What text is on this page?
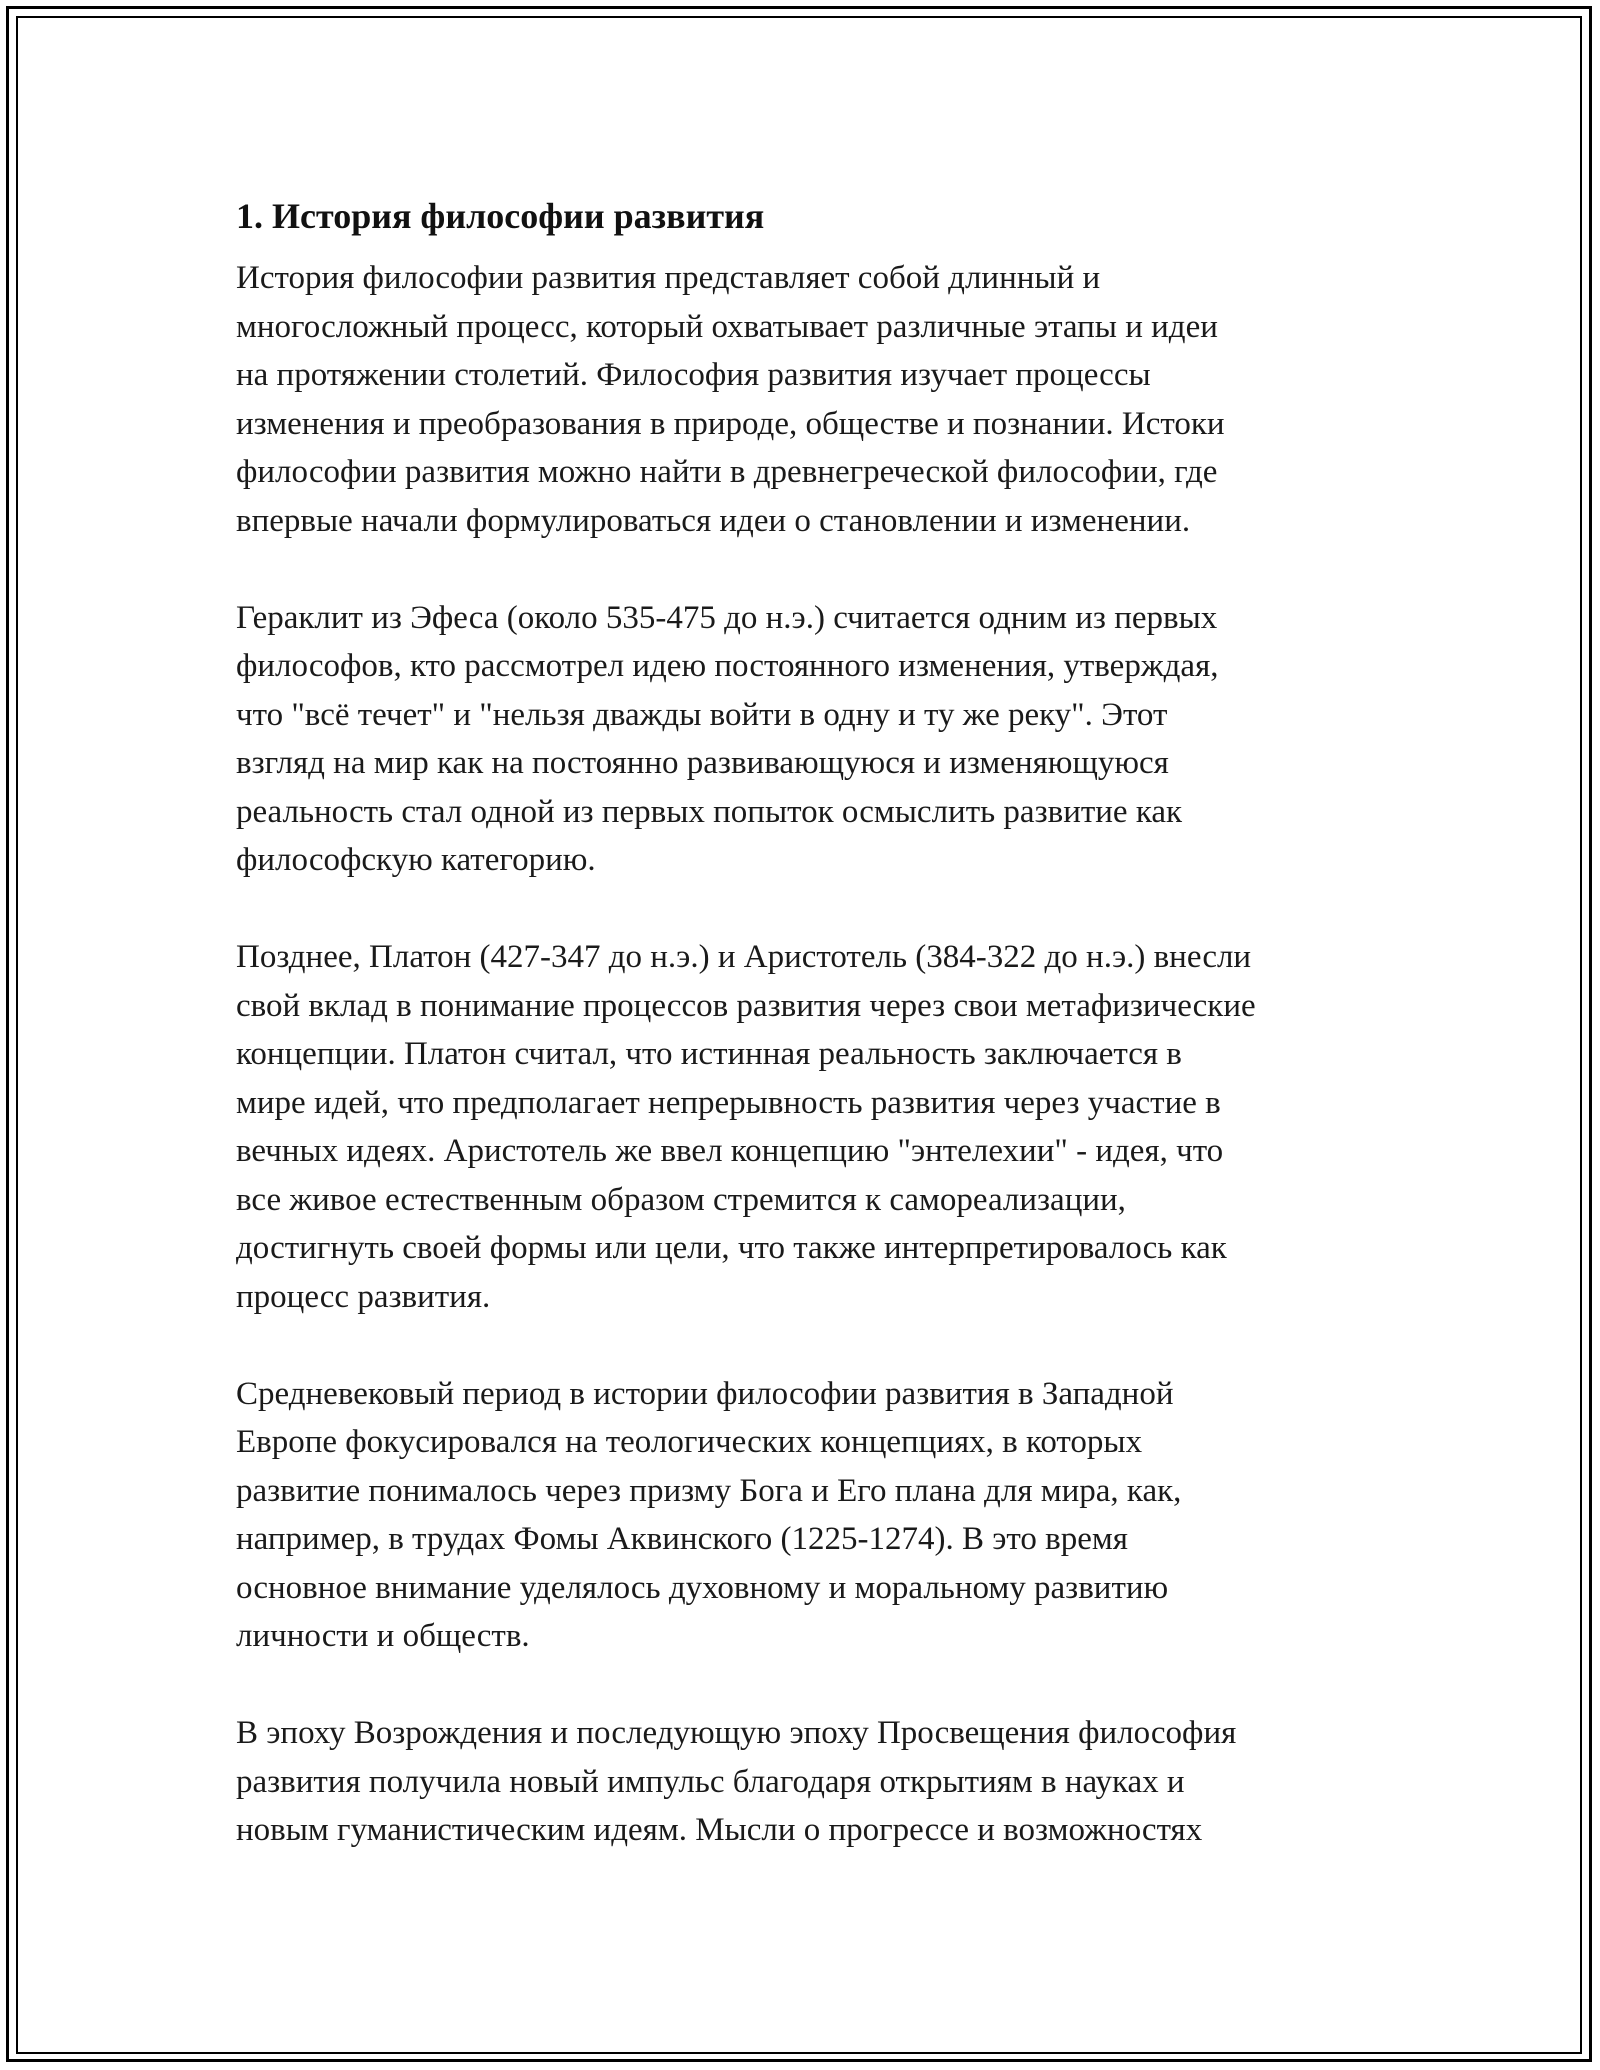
1. История философии развития

История философии развития представляет собой длинный и
многосложный процесс, который охватывает различные этапы и идеи
на протяжении столетий. Философия развития изучает процессы
изменения и преобразования в природе, обществе и познании. Истоки
философии развития можно найти в древнегреческой философии, где
впервые начали формулироваться идеи о становлении и изменении.

Гераклит из Эфеса (около 535-475 до н.э.) считается одним из первых
философов, кто рассмотрел идею постоянного изменения, утверждая,
что "всё течет" и "нельзя дважды войти в одну и ту же реку". Этот
взгляд на мир как на постоянно развивающуюся и изменяющуюся
реальность стал одной из первых попыток осмыслить развитие как
философскую категорию.

Позднее, Платон (427-347 до н.э.) и Аристотель (384-322 до н.э.) внесли
свой вклад в понимание процессов развития через свои метафизические
концепции. Платон считал, что истинная реальность заключается в
мире идей, что предполагает непрерывность развития через участие в
вечных идеях. Аристотель же ввел концепцию "энтелехии" - идея, что
все живое естественным образом стремится к самореализации,
достигнуть своей формы или цели, что также интерпретировалось как
процесс развития.

Средневековый период в истории философии развития в Западной
Европе фокусировался на теологических концепциях, в которых
развитие понималось через призму Бога и Его плана для мира, как,
например, в трудах Фомы Аквинского (1225-1274). В это время
основное внимание уделялось духовному и моральному развитию
личности и обществ.

В эпоху Возрождения и последующую эпоху Просвещения философия
развития получила новый импульс благодаря открытиям в науках и
новым гуманистическим идеям. Мысли о прогрессе и возможностях
